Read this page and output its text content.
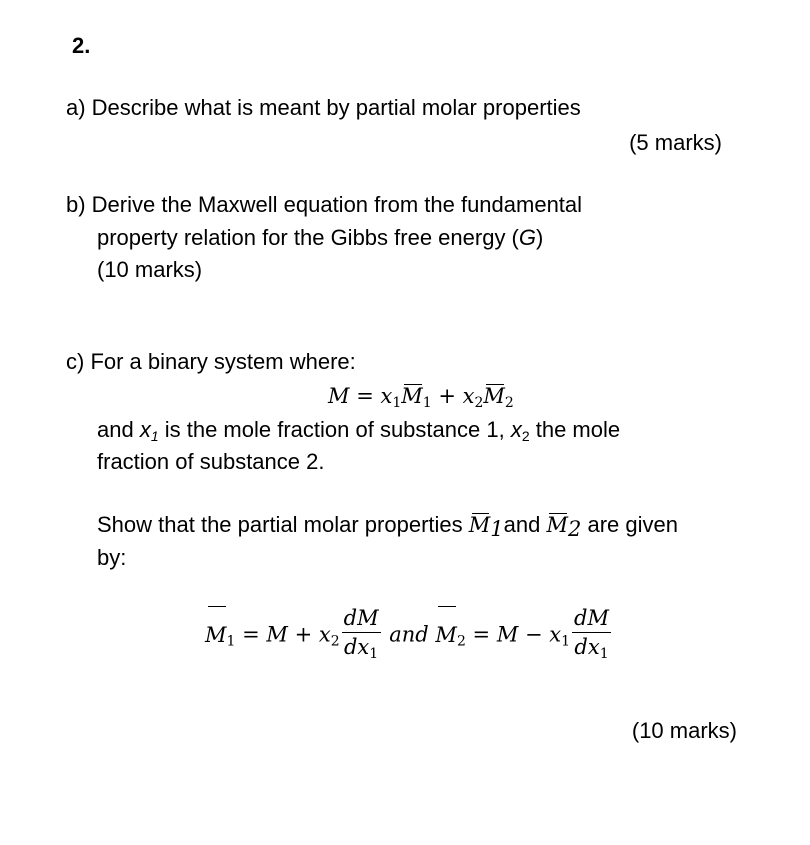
2.
a) Describe what is meant by partial molar properties
(5 marks)
b) Derive the Maxwell equation from the fundamental
property relation for the Gibbs free energy (G)
(10 marks)
c) For a binary system where:
$M = x_1M_1 + x_2M_2$
and $x_1$ is the mole fraction of substance 1, $x_2$ the mole
fraction of substance 2.
Show that the partial molar properties $M_1and$ $M_2$ are given
by:
$M_1 = M + x_2 \frac{dM}{dx_1}$ and $M_2 = M - x_1 \frac{dM}{dx_1}$
(10 marks)
